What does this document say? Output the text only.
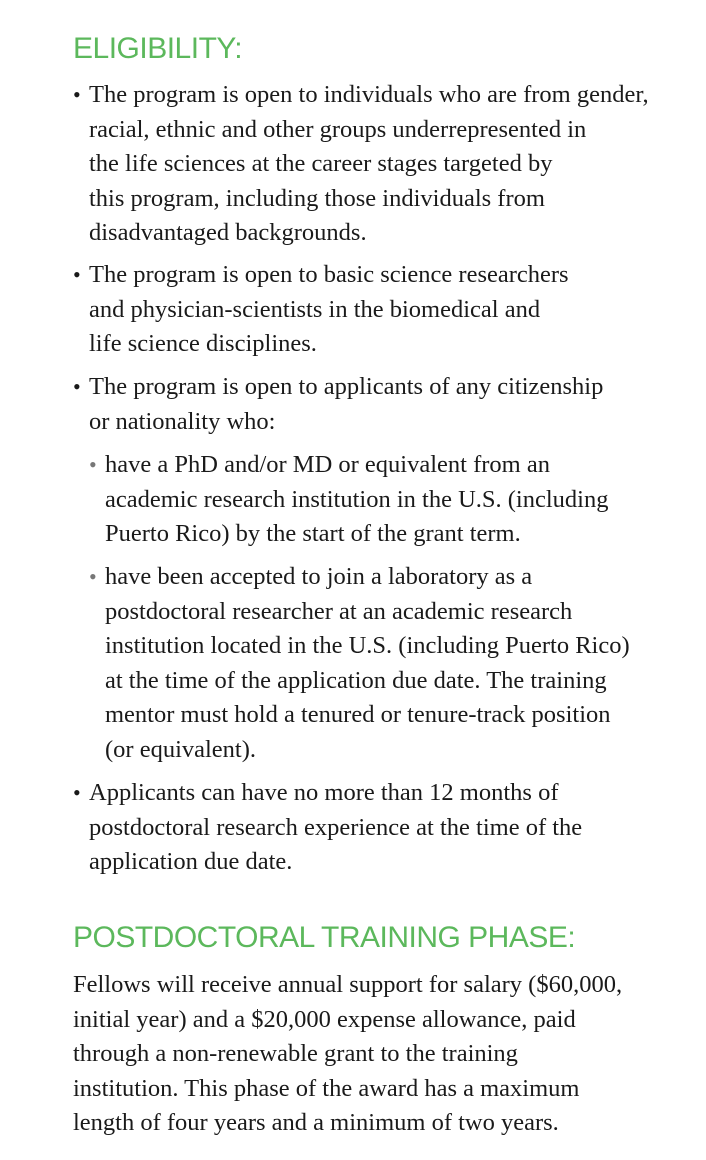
ELIGIBILITY:
• The program is open to individuals who are from gender,
racial, ethnic and other groups underrepresented in
the life sciences at the career stages targeted by
this program, including those individuals from
disadvantaged backgrounds.
• The program is open to basic science researchers
and physician-scientists in the biomedical and
life science disciplines.
• The program is open to applicants of any citizenship
or nationality who:
• have a PhD and/or MD or equivalent from an
academic research institution in the U.S. (including
Puerto Rico) by the start of the grant term.
• have been accepted to join a laboratory as a
postdoctoral researcher at an academic research
institution located in the U.S. (including Puerto Rico)
at the time of the application due date. The training
mentor must hold a tenured or tenure-track position
(or equivalent).
• Applicants can have no more than 12 months of
postdoctoral research experience at the time of the
application due date.
POSTDOCTORAL TRAINING PHASE:

Fellows will receive annual support for salary ($60,000,
initial year) and a $20,000 expense allowance, paid
through a non-renewable grant to the training
institution. This phase of the award has a maximum
length of four years and a minimum of two years.
